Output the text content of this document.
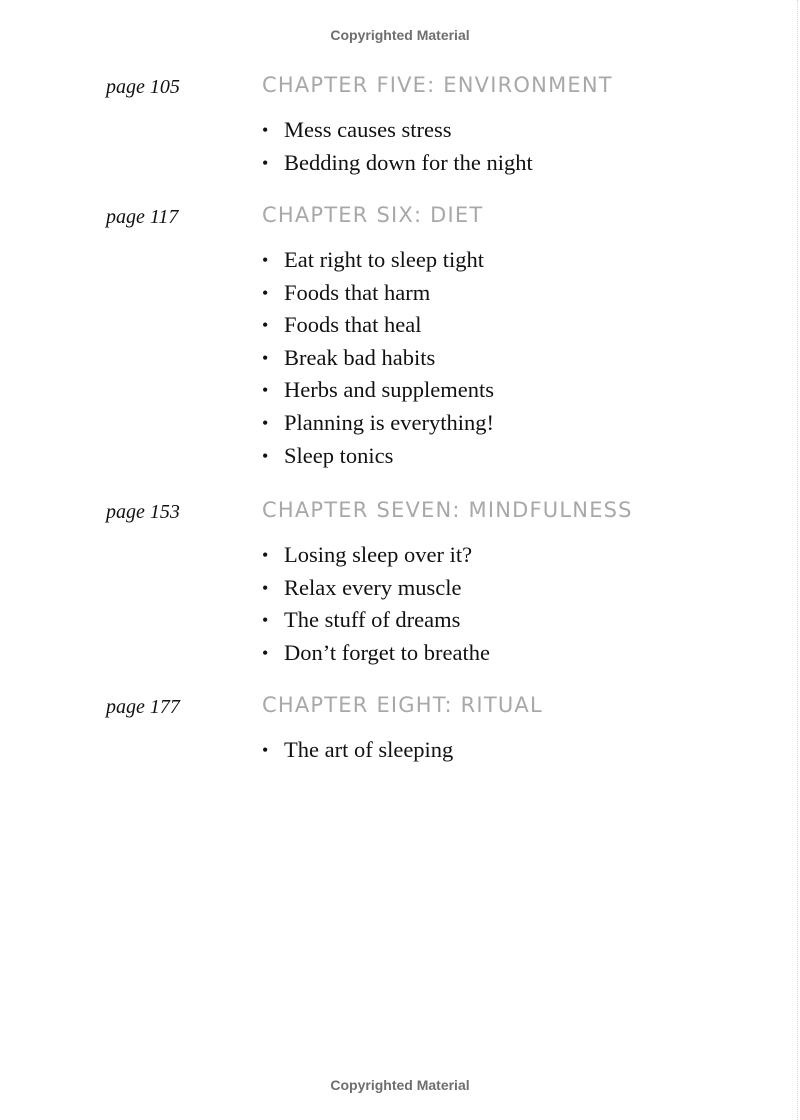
Copyrighted Material
page 105	CHAPTER FIVE: ENVIRONMENT
• Mess causes stress
• Bedding down for the night
page 117	CHAPTER SIX: DIET
• Eat right to sleep tight
• Foods that harm
• Foods that heal
• Break bad habits
• Herbs and supplements
• Planning is everything!
• Sleep tonics
page 153	CHAPTER SEVEN: MINDFULNESS
• Losing sleep over it?
• Relax every muscle
• The stuff of dreams
• Don’t forget to breathe
page 177	CHAPTER EIGHT: RITUAL
• The art of sleeping
Copyrighted Material
